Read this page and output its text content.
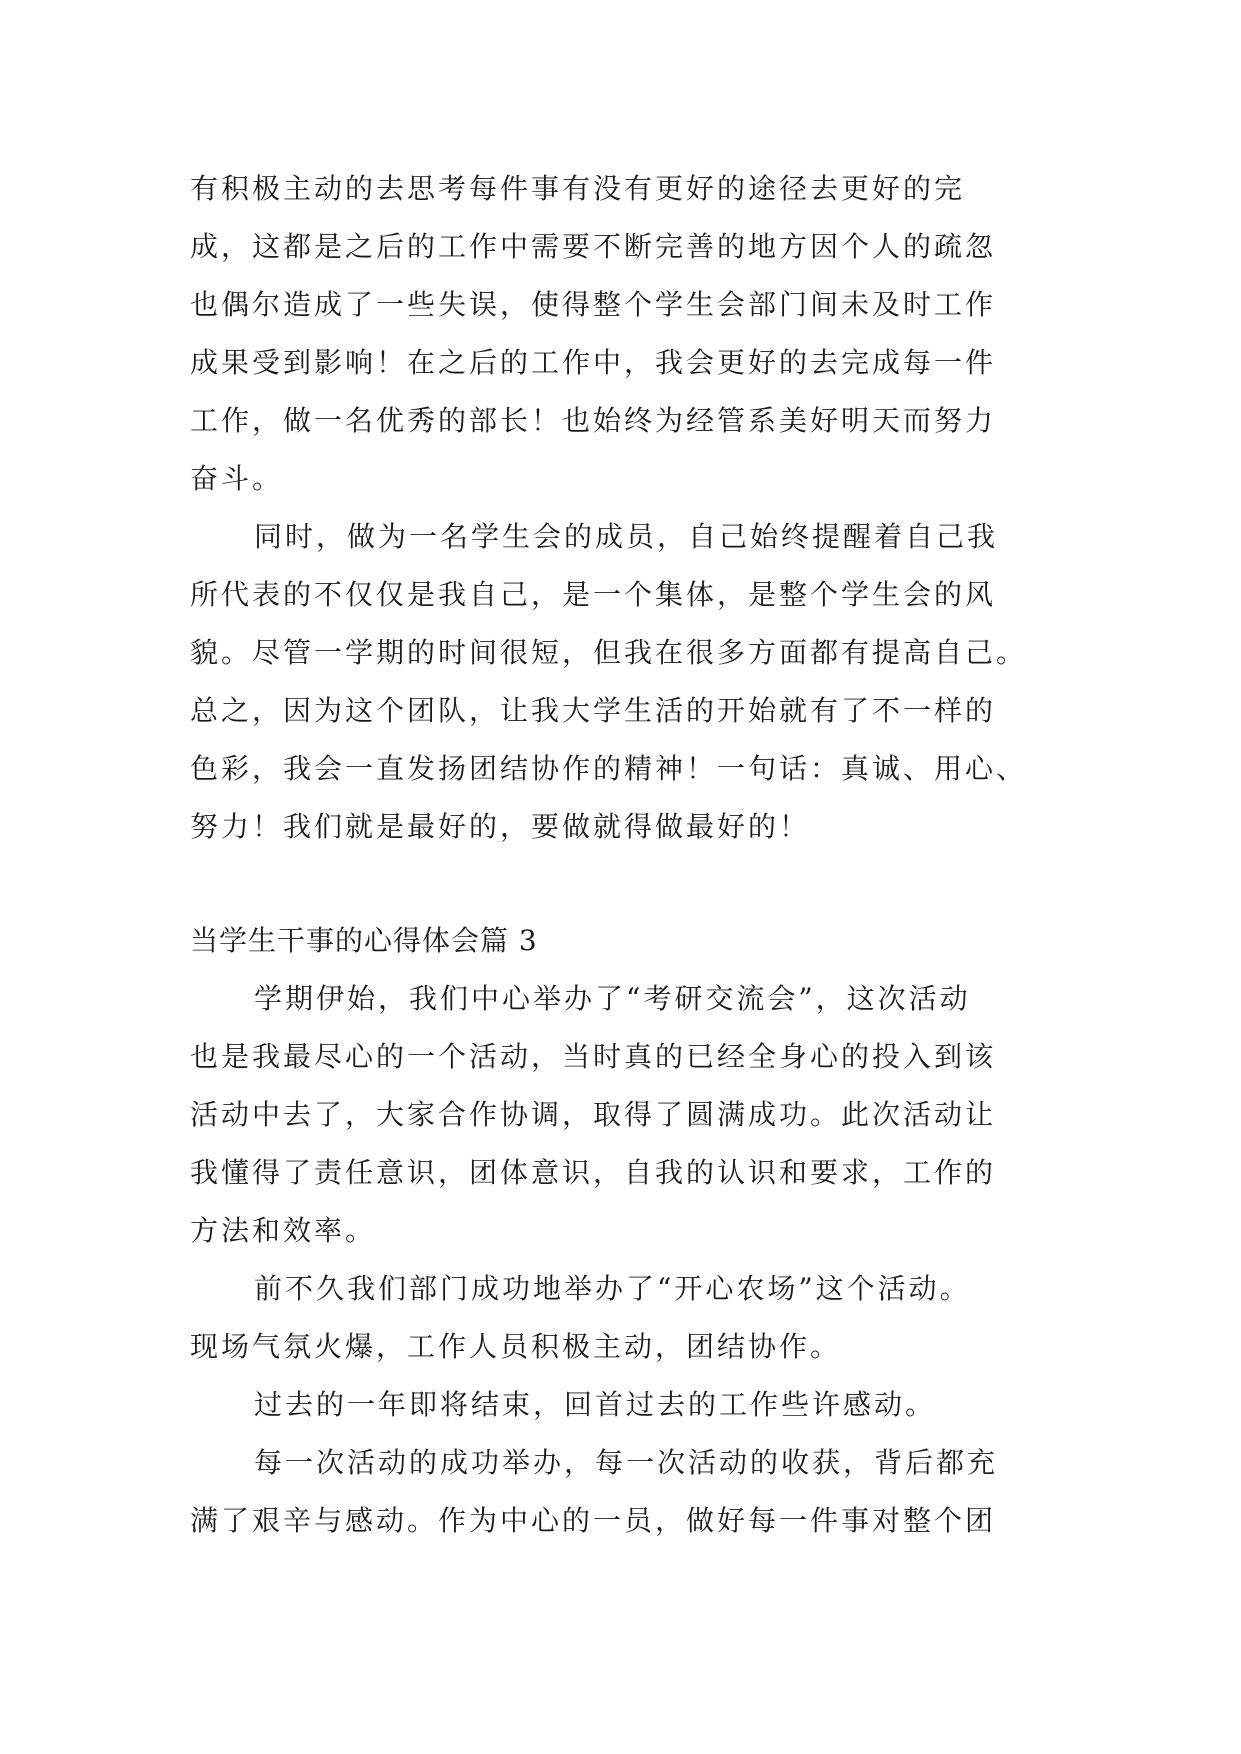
有积极主动的去思考每件事有没有更好的途径去更好的完
成，这都是之后的工作中需要不断完善的地方因个人的疏忽
也偶尔造成了一些失误，使得整个学生会部门间未及时工作
成果受到影响！在之后的工作中，我会更好的去完成每一件
工作，做一名优秀的部长！也始终为经管系美好明天而努力
奋斗。
同时，做为一名学生会的成员，自己始终提醒着自己我
所代表的不仅仅是我自己，是一个集体，是整个学生会的风
貌。尽管一学期的时间很短，但我在很多方面都有提高自己。
总之，因为这个团队，让我大学生活的开始就有了不一样的
色彩，我会一直发扬团结协作的精神！一句话：真诚、用心、
努力！我们就是最好的，要做就得做最好的！
当学生干事的心得体会篇 3
学期伊始，我们中心举办了“考研交流会”，这次活动
也是我最尽心的一个活动，当时真的已经全身心的投入到该
活动中去了，大家合作协调，取得了圆满成功。此次活动让
我懂得了责任意识，团体意识，自我的认识和要求，工作的
方法和效率。
前不久我们部门成功地举办了“开心农场”这个活动。
现场气氛火爆，工作人员积极主动，团结协作。
过去的一年即将结束，回首过去的工作些许感动。
每一次活动的成功举办，每一次活动的收获，背后都充
满了艰辛与感动。作为中心的一员，做好每一件事对整个团
